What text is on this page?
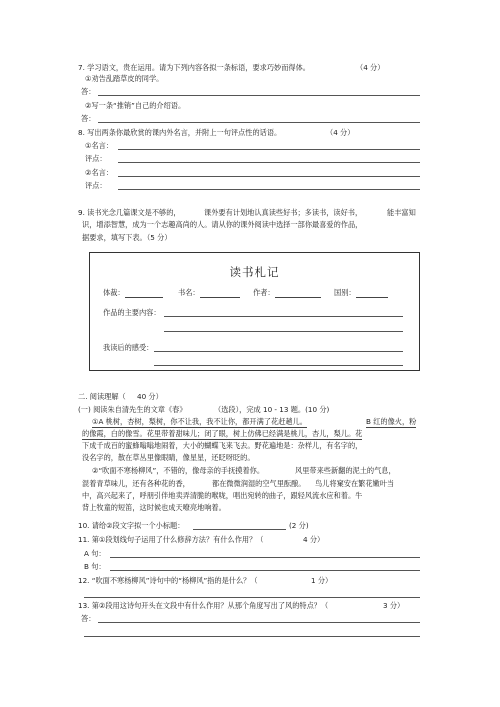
7. 学习语文，贵在运用。请为下列内容各拟一条标语，要求巧妙而得体。	（4 分）
①劝告乱踏草皮的同学。
答：
②写一条“推销”自己的介绍语。
答：
8. 写出两条你最欣赏的课内外名言，并附上一句评点性的话语。	（4 分）
①名言：
评点：
②名言：
评点：
9. 读书光念几篇课文是不够的，	课外要有计划地认真读些好书；多读书，读好书，	能丰富知
识，增添智慧，成为一个志趣高尚的人。请从你的课外阅读中选择一部你最喜爱的作品，
据要求，填写下表。（5 分）
读书札记
体裁：	书名：	作者：	国别：
作品的主要内容：
我读后的感受：
二. 阅读理解（ 40 分）
(一) 阅读朱自清先生的文章《春》	（选段），完成 10 - 13 题。(10 分)
①A 桃树，杏树，梨树，你不让我，我不让你，都开满了花赶趟儿。	B 红的像火，粉
的像霞，白的像雪。花里带着甜味儿；闭了眼，树上仿佛已经满是桃儿，杏儿，梨儿。花
下成千成百的蜜蜂嗡嗡地闹着，大小的蝴蝶飞来飞去。野花遍地是：杂样儿，有名字的，
没名字的，散在草丛里像眼睛，像星星，还眨呀眨的。
②“吹面不寒杨柳风”，不错的，像母亲的手抚摸着你。	风里带来些新翻的泥土的气息，
混着青草味儿，还有各种花的香，	都在微微润湿的空气里酝酿。 鸟儿将窠安在繁花嫩叶当
中，高兴起来了，呼朋引伴地卖弄清脆的喉咙，唱出宛转的曲子，跟轻风流水应和着。牛
背上牧童的短笛，这时候也成天嘹亮地响着。
10. 请给②段文字拟一个小标题：	(2 分)
11. 第①段划线句子运用了什么修辞方法？有什么作用？（	4 分）
A 句：
B 句：
12. “吹面不寒杨柳风”诗句中的“杨柳风”指的是什么？（	1 分）
13. 第②段用这诗句开头在文段中有什么作用？从那个角度写出了风的特点？（	3 分）
答：
